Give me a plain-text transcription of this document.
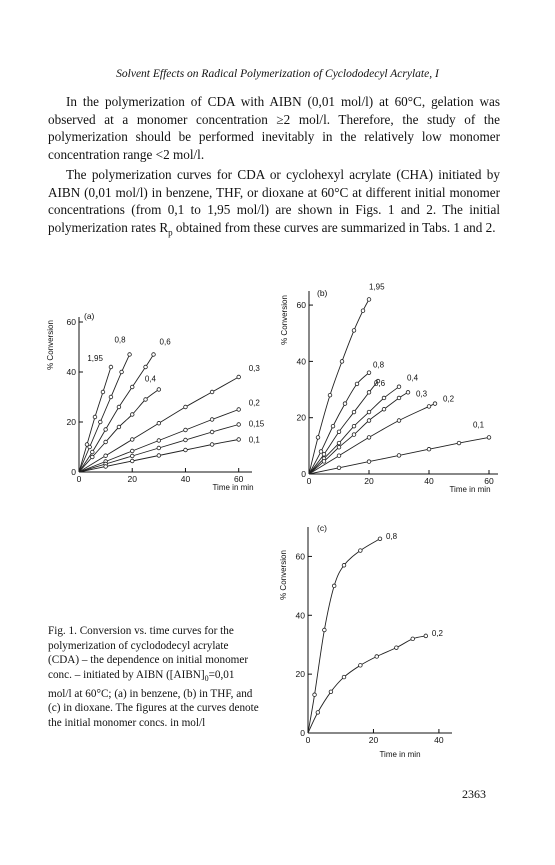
Solvent Effects on Radical Polymerization of Cyclododecyl Acrylate, I

In the polymerization of CDA with AIBN (0,01 mol/l) at 60°C, gelation was observed at a monomer concentration ≥2 mol/l. Therefore, the study of the polymerization should be performed inevitably in the relatively low monomer concentration range <2 mol/l.

The polymerization curves for CDA or cyclohexyl acrylate (CHA) initiated by AIBN (0,01 mol/l) in benzene, THF, or dioxane at 60°C at different initial monomer concentrations (from 0,1 to 1,95 mol/l) are shown in Figs. 1 and 2. The initial polymerization rates $R_p$ obtained from these curves are summarized in Tabs. 1 and 2.

0	20	40	60
0
20
40
60
(a)
Time in min
% Conversion	1,95
0,8	0,6
0,4
0,3
0,2
0,15
0,1
0	20	40	60
0
20
40
60
(b)
Time in min
% Conversion
1,95
0,8
0,6
0,4
0,3
0,2
0,1
0	20	40
0
20
40
60
(c)
Time in min
% Conversion
0,8
0,2

Fig. 1. Conversion vs. time curves for the polymerization of cyclododecyl acrylate (CDA) – the dependence on initial monomer conc. – initiated by AIBN ($[AIBN]_0=0,01$ mol/l at 60°C; (a) in benzene, (b) in THF, and (c) in dioxane. The figures at the curves denote the initial monomer concs. in mol/l

2363
